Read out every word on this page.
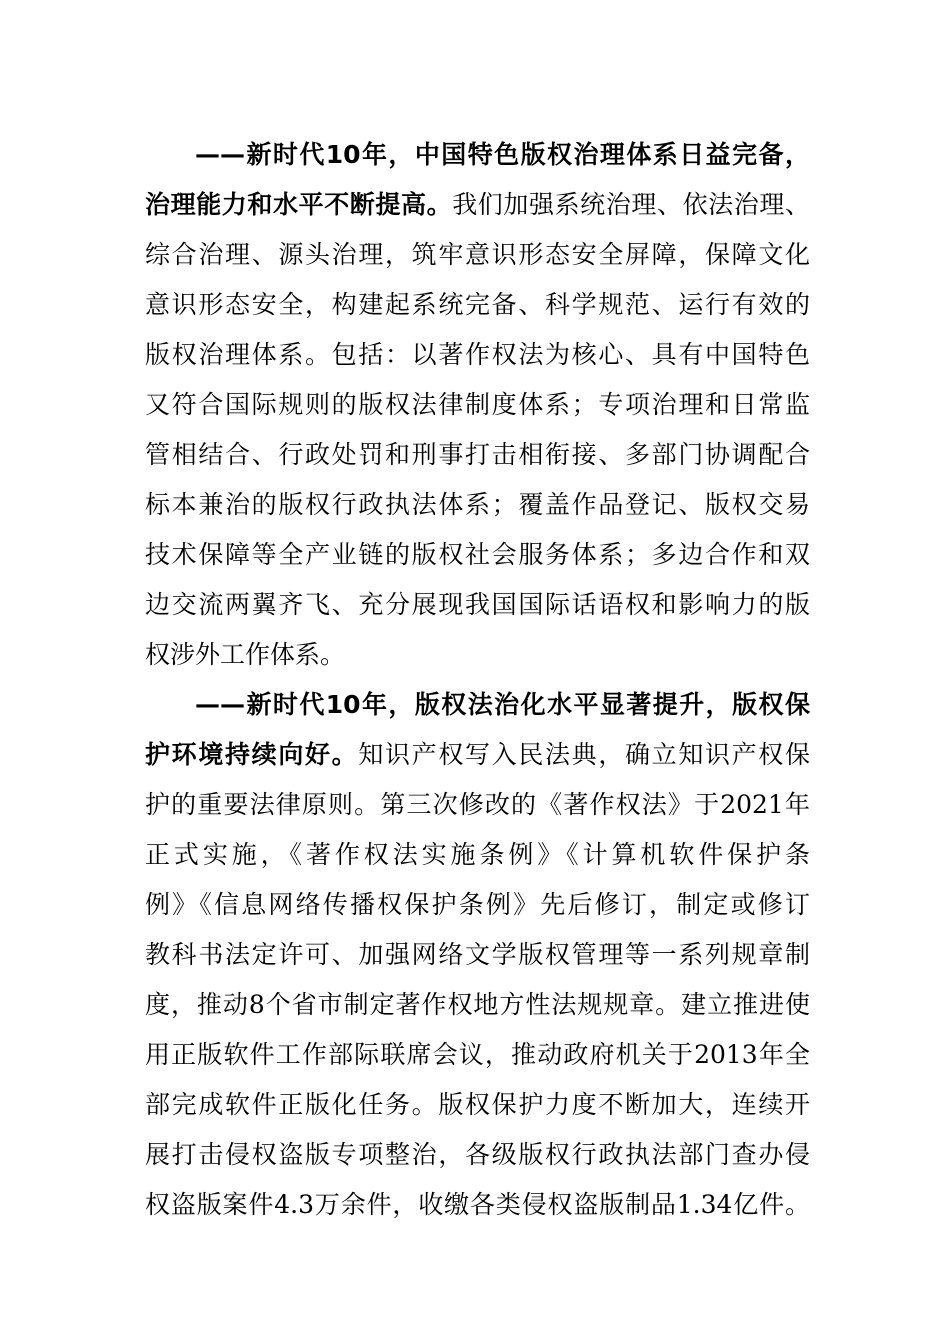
——新时代10年，中国特色版权治理体系日益完备，
治理能力和水平不断提高。我们加强系统治理、依法治理、
综合治理、源头治理，筑牢意识形态安全屏障，保障文化
意识形态安全，构建起系统完备、科学规范、运行有效的
版权治理体系。包括：以著作权法为核心、具有中国特色
又符合国际规则的版权法律制度体系；专项治理和日常监
管相结合、行政处罚和刑事打击相衔接、多部门协调配合
标本兼治的版权行政执法体系；覆盖作品登记、版权交易
技术保障等全产业链的版权社会服务体系；多边合作和双
边交流两翼齐飞、充分展现我国国际话语权和影响力的版
权涉外工作体系。
——新时代10年，版权法治化水平显著提升，版权保
护环境持续向好。知识产权写入民法典，确立知识产权保
护的重要法律原则。第三次修改的《著作权法》于2021年
正式实施，《著作权法实施条例》《计算机软件保护条
例》《信息网络传播权保护条例》先后修订，制定或修订
教科书法定许可、加强网络文学版权管理等一系列规章制
度，推动8个省市制定著作权地方性法规规章。建立推进使
用正版软件工作部际联席会议，推动政府机关于2013年全
部完成软件正版化任务。版权保护力度不断加大，连续开
展打击侵权盗版专项整治，各级版权行政执法部门查办侵
权盗版案件4.3万余件，收缴各类侵权盗版制品1.34亿件。
